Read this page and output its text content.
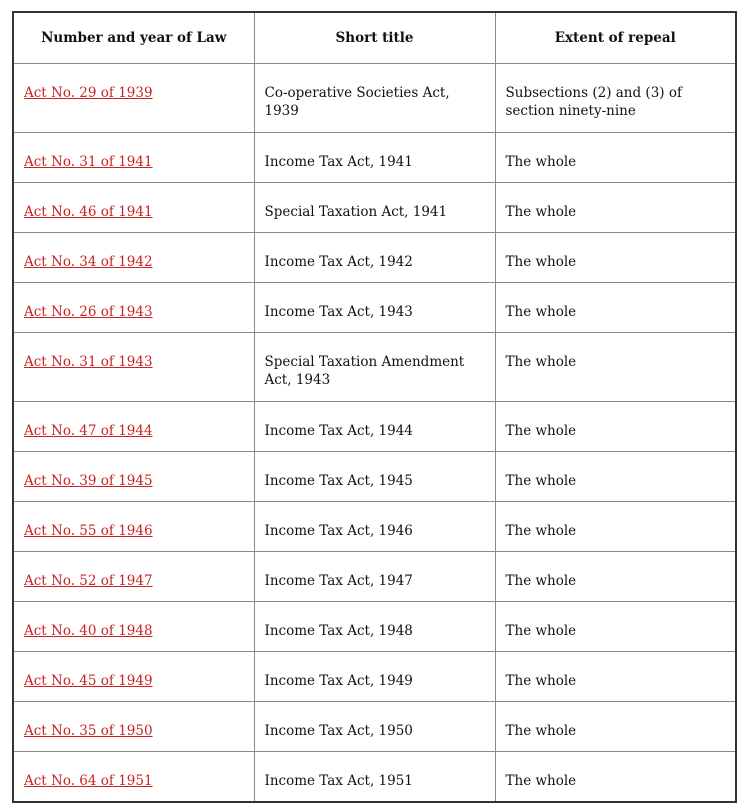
Number and year of Law	Short title	Extent of repeal

Act No. 29 of 1939	Co-operative Societies Act, 1939	Subsections (2) and (3) of section ninety-nine

Act No. 31 of 1941	Income Tax Act, 1941	The whole

Act No. 46 of 1941	Special Taxation Act, 1941	The whole

Act No. 34 of 1942	Income Tax Act, 1942	The whole

Act No. 26 of 1943	Income Tax Act, 1943	The whole

Act No. 31 of 1943	Special Taxation Amendment Act, 1943	The whole

Act No. 47 of 1944	Income Tax Act, 1944	The whole

Act No. 39 of 1945	Income Tax Act, 1945	The whole

Act No. 55 of 1946	Income Tax Act, 1946	The whole

Act No. 52 of 1947	Income Tax Act, 1947	The whole

Act No. 40 of 1948	Income Tax Act, 1948	The whole

Act No. 45 of 1949	Income Tax Act, 1949	The whole

Act No. 35 of 1950	Income Tax Act, 1950	The whole

Act No. 64 of 1951	Income Tax Act, 1951	The whole
